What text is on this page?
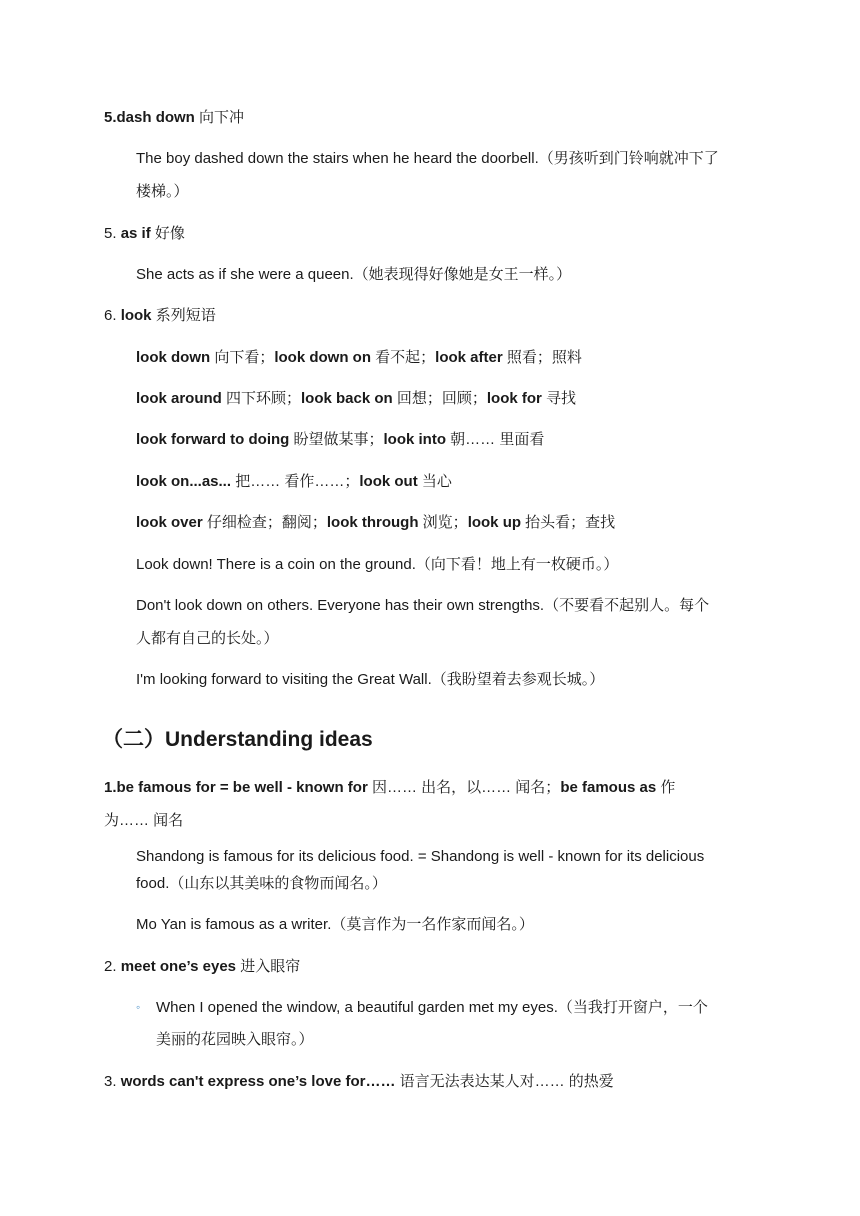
5.dash down 向下冲
The boy dashed down the stairs when he heard the doorbell.（男孩听到门铃响就冲下了
楼梯。）
5. as if 好像
She acts as if she were a queen.（她表现得好像她是女王一样。）
6. look 系列短语
look down 向下看；look down on 看不起；look after 照看；照料
look around 四下环顾；look back on 回想；回顾；look for 寻找
look forward to doing 盼望做某事；look into 朝…… 里面看
look on...as... 把…… 看作……；look out 当心
look over 仔细检查；翻阅；look through 浏览；look up 抬头看；查找
Look down! There is a coin on the ground.（向下看！地上有一枚硬币。）
Don't look down on others. Everyone has their own strengths.（不要看不起别人。每个
人都有自己的长处。）
I'm looking forward to visiting the Great Wall.（我盼望着去参观长城。）
（二）Understanding ideas
1.be famous for = be well - known for 因…… 出名，以…… 闻名；be famous as 作
为…… 闻名
Shandong is famous for its delicious food. = Shandong is well - known for its delicious
food.（山东以其美味的食物而闻名。）
Mo Yan is famous as a writer.（莫言作为一名作家而闻名。）
2. meet one’s eyes 进入眼帘
◦ When I opened the window, a beautiful garden met my eyes.（当我打开窗户，一个
美丽的花园映入眼帘。）
3. words can't express one’s love for…… 语言无法表达某人对…… 的热爱
